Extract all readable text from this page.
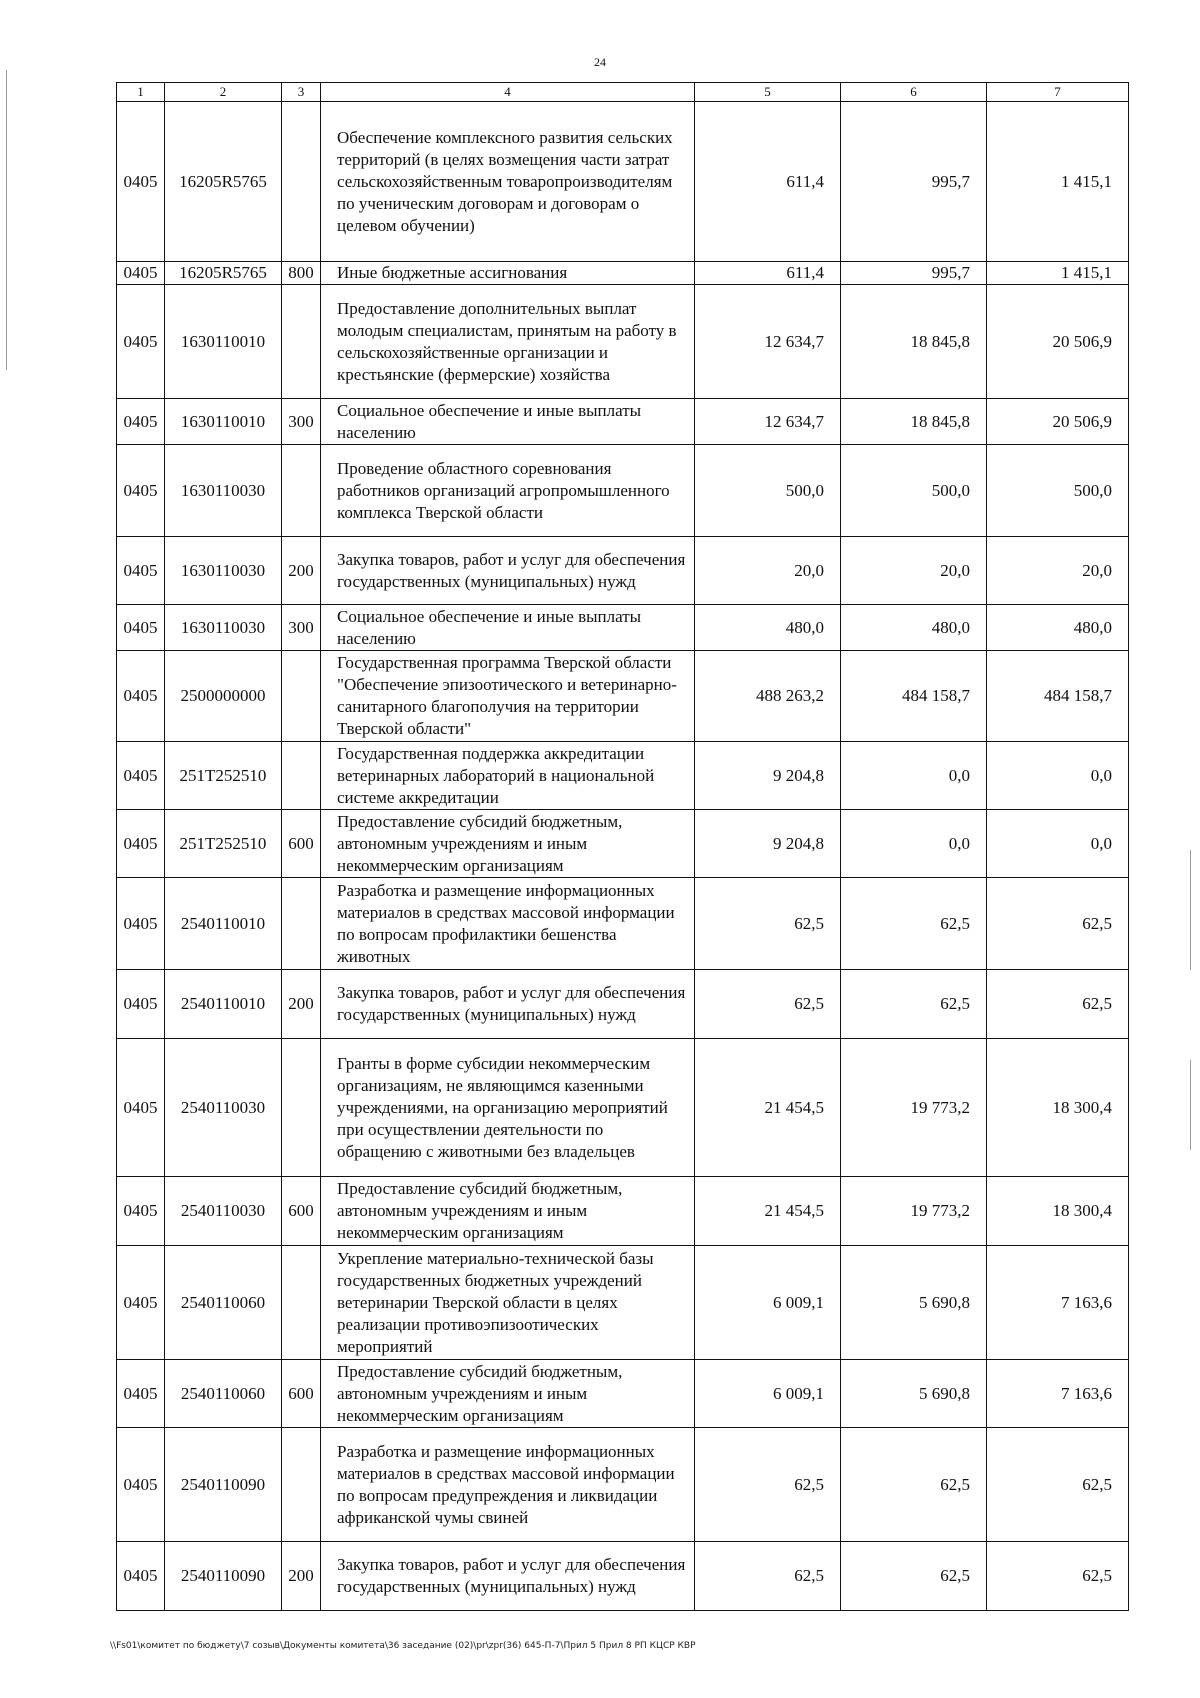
24
1	2	3	4	5	6	7
0405	16205R5765		Обеспечение комплексного развития сельских территорий (в целях возмещения части затрат сельскохозяйственным товаропроизводителям по ученическим договорам и договорам о целевом обучении)	611,4	995,7	1 415,1
0405	16205R5765	800	Иные бюджетные ассигнования	611,4	995,7	1 415,1
0405	1630110010		Предоставление дополнительных выплат молодым специалистам, принятым на работу в сельскохозяйственные организации и крестьянские (фермерские) хозяйства	12 634,7	18 845,8	20 506,9
0405	1630110010	300	Социальное обеспечение и иные выплаты населению	12 634,7	18 845,8	20 506,9
0405	1630110030		Проведение областного соревнования работников организаций агропромышленного комплекса Тверской области	500,0	500,0	500,0
0405	1630110030	200	Закупка товаров, работ и услуг для обеспечения государственных (муниципальных) нужд	20,0	20,0	20,0
0405	1630110030	300	Социальное обеспечение и иные выплаты населению	480,0	480,0	480,0
0405	2500000000		Государственная программа Тверской области "Обеспечение эпизоотического и ветеринарно-санитарного благополучия на территории Тверской области"	488 263,2	484 158,7	484 158,7
0405	251T252510		Государственная поддержка аккредитации ветеринарных лабораторий в национальной системе аккредитации	9 204,8	0,0	0,0
0405	251T252510	600	Предоставление субсидий бюджетным, автономным учреждениям и иным некоммерческим организациям	9 204,8	0,0	0,0
0405	2540110010		Разработка и размещение информационных материалов в средствах массовой информации по вопросам профилактики бешенства животных	62,5	62,5	62,5
0405	2540110010	200	Закупка товаров, работ и услуг для обеспечения государственных (муниципальных) нужд	62,5	62,5	62,5
0405	2540110030		Гранты в форме субсидии некоммерческим организациям, не являющимся казенными учреждениями, на организацию мероприятий при осуществлении деятельности по обращению с животными без владельцев	21 454,5	19 773,2	18 300,4
0405	2540110030	600	Предоставление субсидий бюджетным, автономным учреждениям и иным некоммерческим организациям	21 454,5	19 773,2	18 300,4
0405	2540110060		Укрепление материально-технической базы государственных бюджетных учреждений ветеринарии Тверской области в целях реализации противоэпизоотических мероприятий	6 009,1	5 690,8	7 163,6
0405	2540110060	600	Предоставление субсидий бюджетным, автономным учреждениям и иным некоммерческим организациям	6 009,1	5 690,8	7 163,6
0405	2540110090		Разработка и размещение информационных материалов в средствах массовой информации по вопросам предупреждения и ликвидации африканской чумы свиней	62,5	62,5	62,5
0405	2540110090	200	Закупка товаров, работ и услуг для обеспечения государственных (муниципальных) нужд	62,5	62,5	62,5
\\Fs01\комитет по бюджету\7 созыв\Документы комитета\36 заседание (02)\pr\zpr(36) 645-П-7\Прил 5 Прил 8 РП КЦСР КВР
